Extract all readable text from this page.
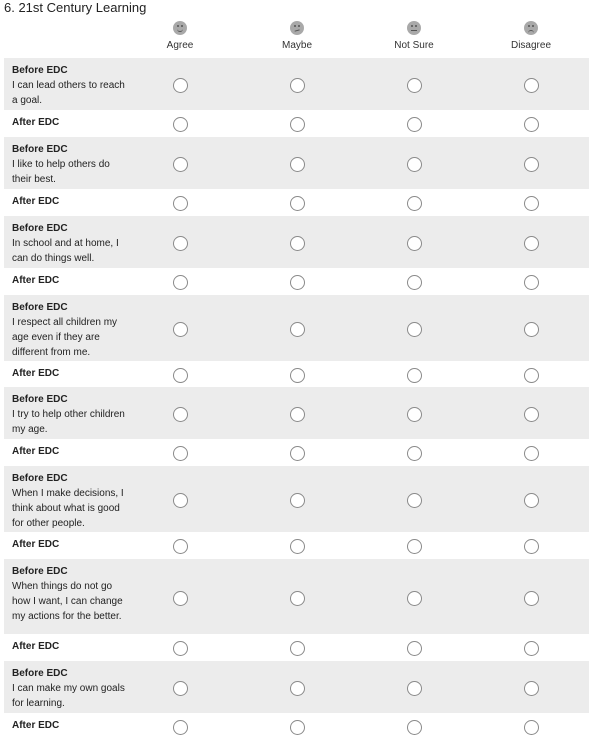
6. 21st Century Learning
Agree	Maybe	Not Sure	Disagree
Before EDC
I can lead others to reach a goal.
After EDC
Before EDC
I like to help others do their best.
After EDC
Before EDC
In school and at home, I can do things well.
After EDC
Before EDC
I respect all children my age even if they are different from me.
After EDC
Before EDC
I try to help other children my age.
After EDC
Before EDC
When I make decisions, I think about what is good for other people.
After EDC
Before EDC
When things do not go how I want, I can change my actions for the better.
After EDC
Before EDC
I can make my own goals for learning.
After EDC
